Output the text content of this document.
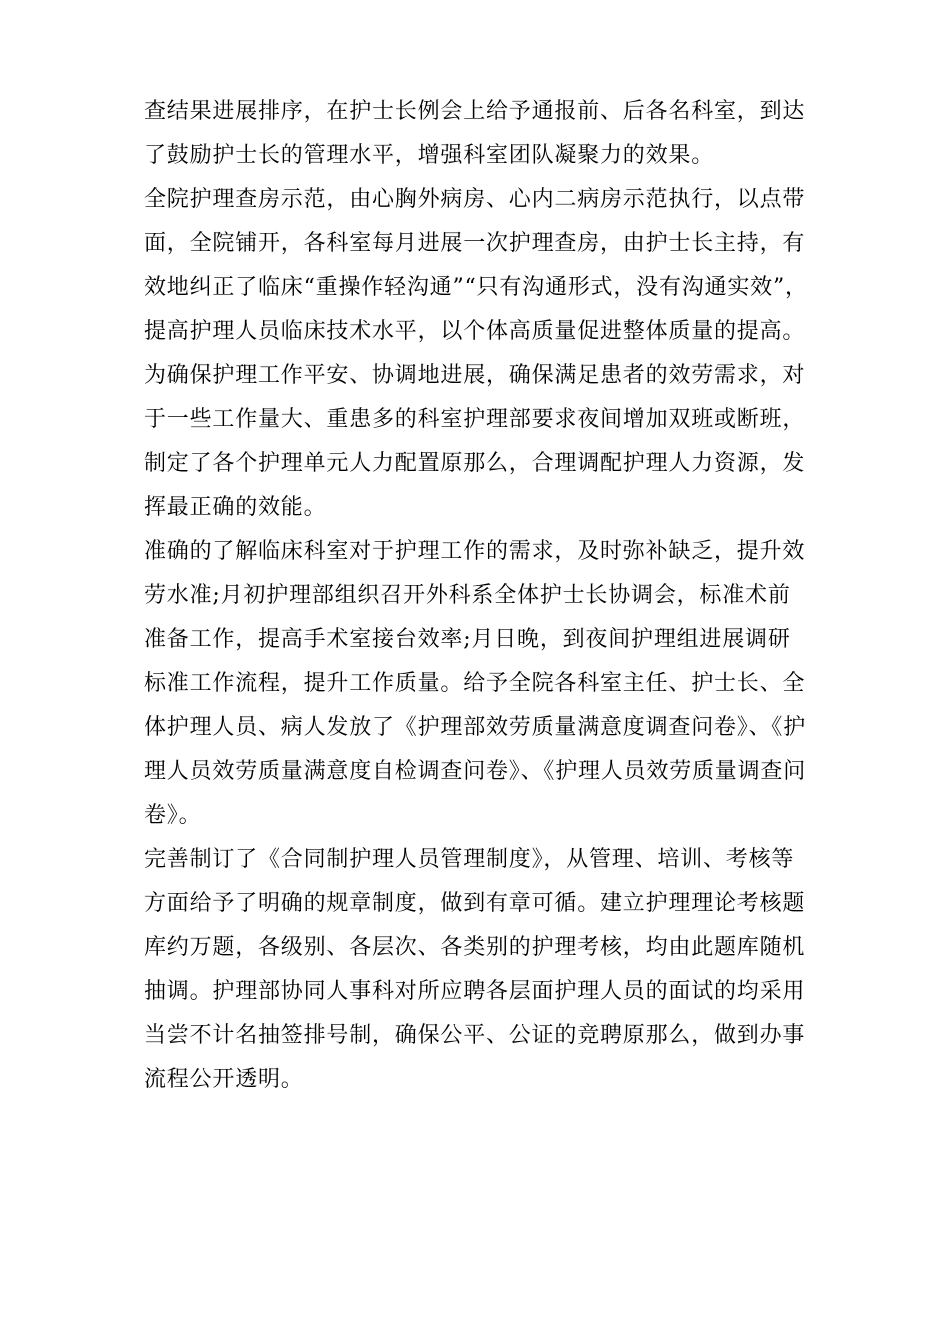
查结果进展排序，在护士长例会上给予通报前、后各名科室，到达了鼓励护士长的管理水平，增强科室团队凝聚力的效果。

全院护理查房示范，由心胸外病房、心内二病房示范执行，以点带面，全院铺开，各科室每月进展一次护理查房，由护士长主持，有效地纠正了临床“重操作轻沟通”“只有沟通形式，没有沟通实效”，提高护理人员临床技术水平，以个体高质量促进整体质量的提高。

为确保护理工作平安、协调地进展，确保满足患者的效劳需求，对于一些工作量大、重患多的科室护理部要求夜间增加双班或断班，制定了各个护理单元人力配置原那么，合理调配护理人力资源，发挥最正确的效能。

准确的了解临床科室对于护理工作的需求，及时弥补缺乏，提升效劳水准;月初护理部组织召开外科系全体护士长协调会，标准术前准备工作，提高手术室接台效率;月日晚，到夜间护理组进展调研标准工作流程，提升工作质量。给予全院各科室主任、护士长、全体护理人员、病人发放了《护理部效劳质量满意度调查问卷》、《护理人员效劳质量满意度自检调查问卷》、《护理人员效劳质量调查问卷》。

完善制订了《合同制护理人员管理制度》，从管理、培训、考核等方面给予了明确的规章制度，做到有章可循。建立护理理论考核题库约万题，各级别、各层次、各类别的护理考核，均由此题库随机抽调。护理部协同人事科对所应聘各层面护理人员的面试的均采用当尝不计名抽签排号制，确保公平、公证的竞聘原那么，做到办事流程公开透明。
